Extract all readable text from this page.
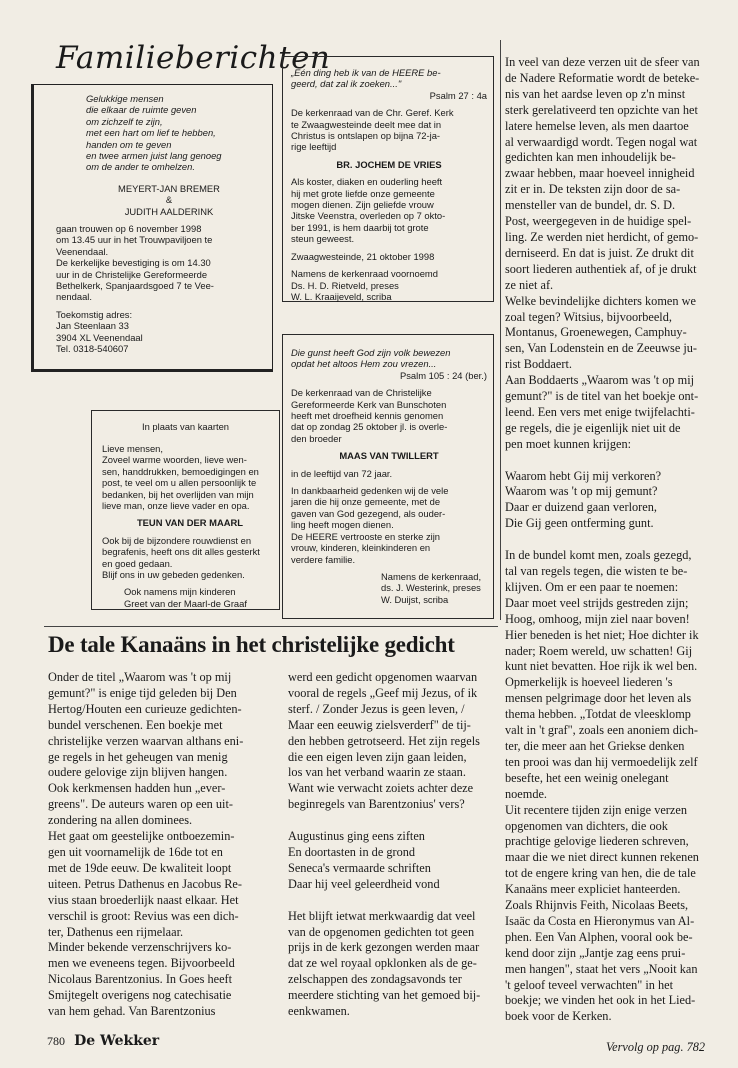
Familieberichten
Gelukkige mensen
die elkaar de ruimte geven
om zichzelf te zijn,
met een hart om lief te hebben,
handen om te geven
en twee armen juist lang genoeg
om de ander te omhelzen.
MEYERT-JAN BREMER
&
JUDITH AALDERINK
gaan trouwen op 6 november 1998
om 13.45 uur in het Trouwpaviljoen te
Veenendaal.
De kerkelijke bevestiging is om 14.30
uur in de Christelijke Gereformeerde
Bethelkerk, Spanjaardsgoed 7 te Vee-
nendaal.
Toekomstig adres:
Jan Steenlaan 33
3904 XL Veenendaal
Tel. 0318-540607
In plaats van kaarten
Lieve mensen,
Zoveel warme woorden, lieve wen-
sen, handdrukken, bemoedigingen en
post, te veel om u allen persoonlijk te
bedanken, bij het overlijden van mijn
lieve man, onze lieve vader en opa.
TEUN VAN DER MAARL
Ook bij de bijzondere rouwdienst en
begrafenis, heeft ons dit alles gesterkt
en goed gedaan.
Blijf ons in uw gebeden gedenken.
Ook namens mijn kinderen
Greet van der Maarl-de Graaf
„Eén ding heb ik van de HEERE be-
geerd, dat zal ik zoeken..."
Psalm 27 : 4a
De kerkenraad van de Chr. Geref. Kerk
te Zwaagwesteinde deelt mee dat in
Christus is ontslapen op bijna 72-ja-
rige leeftijd
BR. JOCHEM DE VRIES
Als koster, diaken en ouderling heeft
hij met grote liefde onze gemeente
mogen dienen. Zijn geliefde vrouw
Jitske Veenstra, overleden op 7 okto-
ber 1991, is hem daarbij tot grote
steun geweest.
Zwaagwesteinde, 21 oktober 1998
Namens de kerkenraad voornoemd
Ds. H. D. Rietveld, preses
W. L. Kraaijeveld, scriba
Die gunst heeft God zijn volk bewezen
opdat het altoos Hem zou vrezen...
Psalm 105 : 24 (ber.)
De kerkenraad van de Christelijke
Gereformeerde Kerk van Bunschoten
heeft met droefheid kennis genomen
dat op zondag 25 oktober jl. is overle-
den broeder
MAAS VAN TWILLERT
in de leeftijd van 72 jaar.
In dankbaarheid gedenken wij de vele
jaren die hij onze gemeente, met de
gaven van God gezegend, als ouder-
ling heeft mogen dienen.
De HEERE vertrooste en sterke zijn
vrouw, kinderen, kleinkinderen en
verdere familie.
Namens de kerkenraad,
ds. J. Westerink, preses
W. Duijst, scriba

In veel van deze verzen uit de sfeer van
de Nadere Reformatie wordt de beteke-
nis van het aardse leven op z'n minst
sterk gerelativeerd ten opzichte van het
latere hemelse leven, als men daartoe
al verwaardigd wordt. Tegen nogal wat
gedichten kan men inhoudelijk be-
zwaar hebben, maar hoeveel innigheid
zit er in. De teksten zijn door de sa-
mensteller van de bundel, dr. S. D.
Post, weergegeven in de huidige spel-
ling. Ze werden niet herdicht, of gemo-
derniseerd. En dat is juist. Ze drukt dit
soort liederen authentiek af, of je drukt
ze niet af.
Welke bevindelijke dichters komen we
zoal tegen? Witsius, bijvoorbeeld,
Montanus, Groenewegen, Camphuy-
sen, Van Lodenstein en de Zeeuwse ju-
rist Boddaert.
Aan Boddaerts „Waarom was 't op mij
gemunt?" is de titel van het boekje ont-
leend. Een vers met enige twijfelachti-
ge regels, die je eigenlijk niet uit de
pen moet kunnen krijgen:

Waarom hebt Gij mij verkoren?
Waarom was 't op mij gemunt?
Daar er duizend gaan verloren,
Die Gij geen ontferming gunt.

In de bundel komt men, zoals gezegd,
tal van regels tegen, die wisten te be-
klijven. Om er een paar te noemen:
Daar moet veel strijds gestreden zijn;
Hoog, omhoog, mijn ziel naar boven!
Hier beneden is het niet; Hoe dichter ik
nader; Roem wereld, uw schatten! Gij
kunt niet bevatten. Hoe rijk ik wel ben.
Opmerkelijk is hoeveel liederen 's
mensen pelgrimage door het leven als
thema hebben. „Totdat de vleesklomp
valt in 't graf", zoals een anoniem dich-
ter, die meer aan het Griekse denken
ten prooi was dan hij vermoedelijk zelf
besefte, het een weinig onelegant
noemde.
Uit recentere tijden zijn enige verzen
opgenomen van dichters, die ook
prachtige gelovige liederen schreven,
maar die we niet direct kunnen rekenen
tot de engere kring van hen, die de tale
Kanaäns meer expliciet hanteerden.
Zoals Rhijnvis Feith, Nicolaas Beets,
Isaäc da Costa en Hieronymus van Al-
phen. Een Van Alphen, vooral ook be-
kend door zijn „Jantje zag eens prui-
men hangen", staat het vers „Nooit kan
't geloof teveel verwachten" in het
boekje; we vinden het ook in het Lied-
boek voor de Kerken.

De tale Kanaäns in het christelijke gedicht

Onder de titel „Waarom was 't op mij
gemunt?" is enige tijd geleden bij Den
Hertog/Houten een curieuze gedichten-
bundel verschenen. Een boekje met
christelijke verzen waarvan althans eni-
ge regels in het geheugen van menig
oudere gelovige zijn blijven hangen.
Ook kerkmensen hadden hun „ever-
greens". De auteurs waren op een uit-
zondering na allen dominees.
Het gaat om geestelijke ontboezemin-
gen uit voornamelijk de 16de tot en
met de 19de eeuw. De kwaliteit loopt
uiteen. Petrus Dathenus en Jacobus Re-
vius staan broederlijk naast elkaar. Het
verschil is groot: Revius was een dich-
ter, Dathenus een rijmelaar.
Minder bekende verzenschrijvers ko-
men we eveneens tegen. Bijvoorbeeld
Nicolaus Barentzonius. In Goes heeft
Smijtegelt overigens nog catechisatie
van hem gehad. Van Barentzonius

werd een gedicht opgenomen waarvan
vooral de regels „Geef mij Jezus, of ik
sterf. / Zonder Jezus is geen leven, /
Maar een eeuwig zielsverderf" de tij-
den hebben getrotseerd. Het zijn regels
die een eigen leven zijn gaan leiden,
los van het verband waarin ze staan.
Want wie verwacht zoiets achter deze
beginregels van Barentzonius' vers?

Augustinus ging eens ziften
En doortasten in de grond
Seneca's vermaarde schriften
Daar hij veel geleerdheid vond

Het blijft ietwat merkwaardig dat veel
van de opgenomen gedichten tot geen
prijs in de kerk gezongen werden maar
dat ze wel royaal opklonken als de ge-
zelschappen des zondagsavonds ter
meerdere stichting van het gemoed bij-
eenkwamen.

Vervolg op pag. 782
780 De Wekker
